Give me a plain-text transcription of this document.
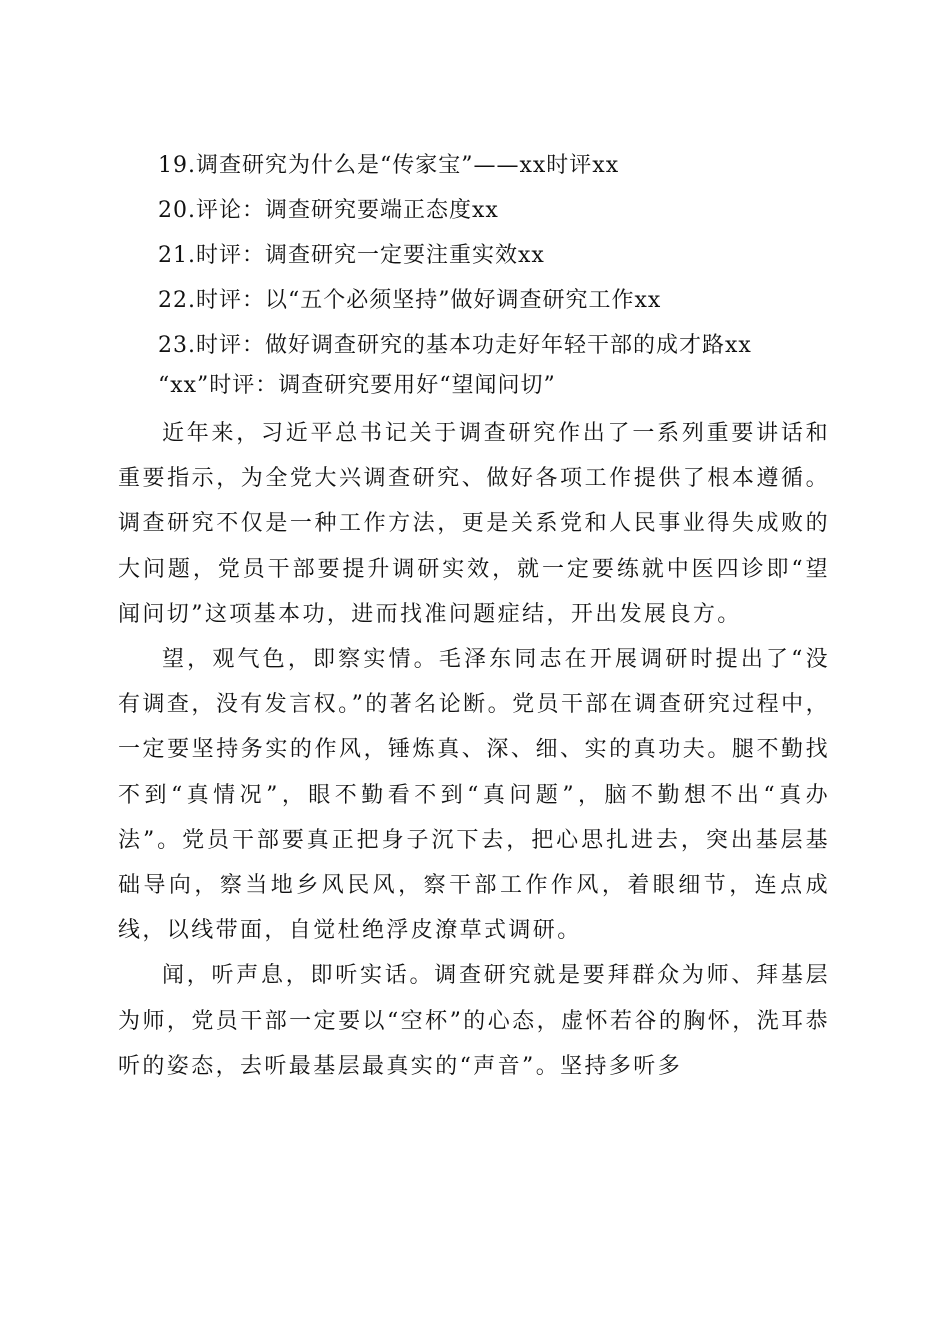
19.调查研究为什么是“传家宝”——xx时评xx
20.评论：调查研究要端正态度xx
21.时评：调查研究一定要注重实效xx
22.时评：以“五个必须坚持”做好调查研究工作xx
23.时评：做好调查研究的基本功走好年轻干部的成才路xx
“xx”时评：调查研究要用好“望闻问切”

近年来，习近平总书记关于调查研究作出了一系列重要讲话和重要指示，为全党大兴调查研究、做好各项工作提供了根本遵循。调查研究不仅是一种工作方法，更是关系党和人民事业得失成败的大问题，党员干部要提升调研实效，就一定要练就中医四诊即“望闻问切”这项基本功，进而找准问题症结，开出发展良方。

望，观气色，即察实情。毛泽东同志在开展调研时提出了“没有调查，没有发言权。”的著名论断。党员干部在调查研究过程中，一定要坚持务实的作风，锤炼真、深、细、实的真功夫。腿不勤找不到“真情况”，眼不勤看不到“真问题”，脑不勤想不出“真办法”。党员干部要真正把身子沉下去，把心思扎进去，突出基层基础导向，察当地乡风民风，察干部工作作风，着眼细节，连点成线，以线带面，自觉杜绝浮皮潦草式调研。

闻，听声息，即听实话。调查研究就是要拜群众为师、拜基层为师，党员干部一定要以“空杯”的心态，虚怀若谷的胸怀，洗耳恭听的姿态，去听最基层最真实的“声音”。坚持多听多
